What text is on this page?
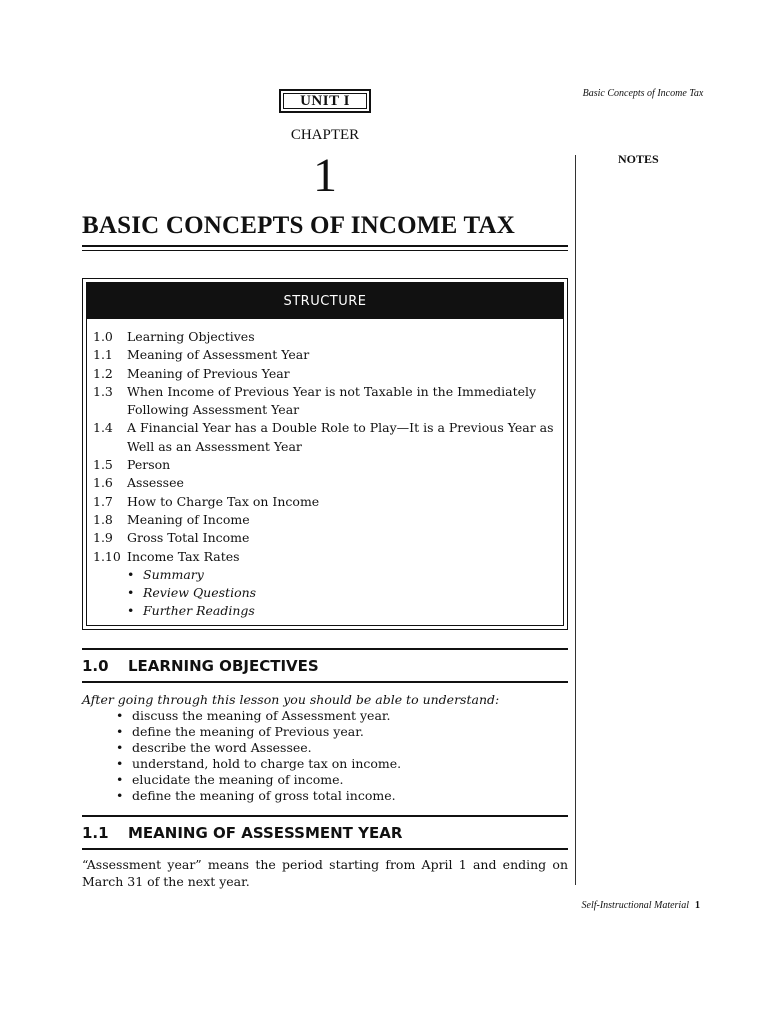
UNIT I
CHAPTER
1
BASIC CONCEPTS OF INCOME TAX
Basic Concepts of Income Tax
NOTES
STRUCTURE
1.0	Learning Objectives
1.1	Meaning of Assessment Year
1.2	Meaning of Previous Year
1.3	When Income of Previous Year is not Taxable in the Immediately Following Assessment Year
1.4	A Financial Year has a Double Role to Play—It is a Previous Year as Well as an Assessment Year
1.5	Person
1.6	Assessee
1.7	How to Charge Tax on Income
1.8	Meaning of Income
1.9	Gross Total Income
1.10 Income Tax Rates
• Summary
• Review Questions
• Further Readings
1.0	LEARNING OBJECTIVES
After going through this lesson you should be able to understand:
• discuss the meaning of Assessment year.
• define the meaning of Previous year.
• describe the word Assessee.
• understand, hold to charge tax on income.
• elucidate the meaning of income.
• define the meaning of gross total income.
1.1	MEANING OF ASSESSMENT YEAR
“Assessment year” means the period starting from April 1 and ending on March 31 of the next year.
Self-Instructional Material 1
